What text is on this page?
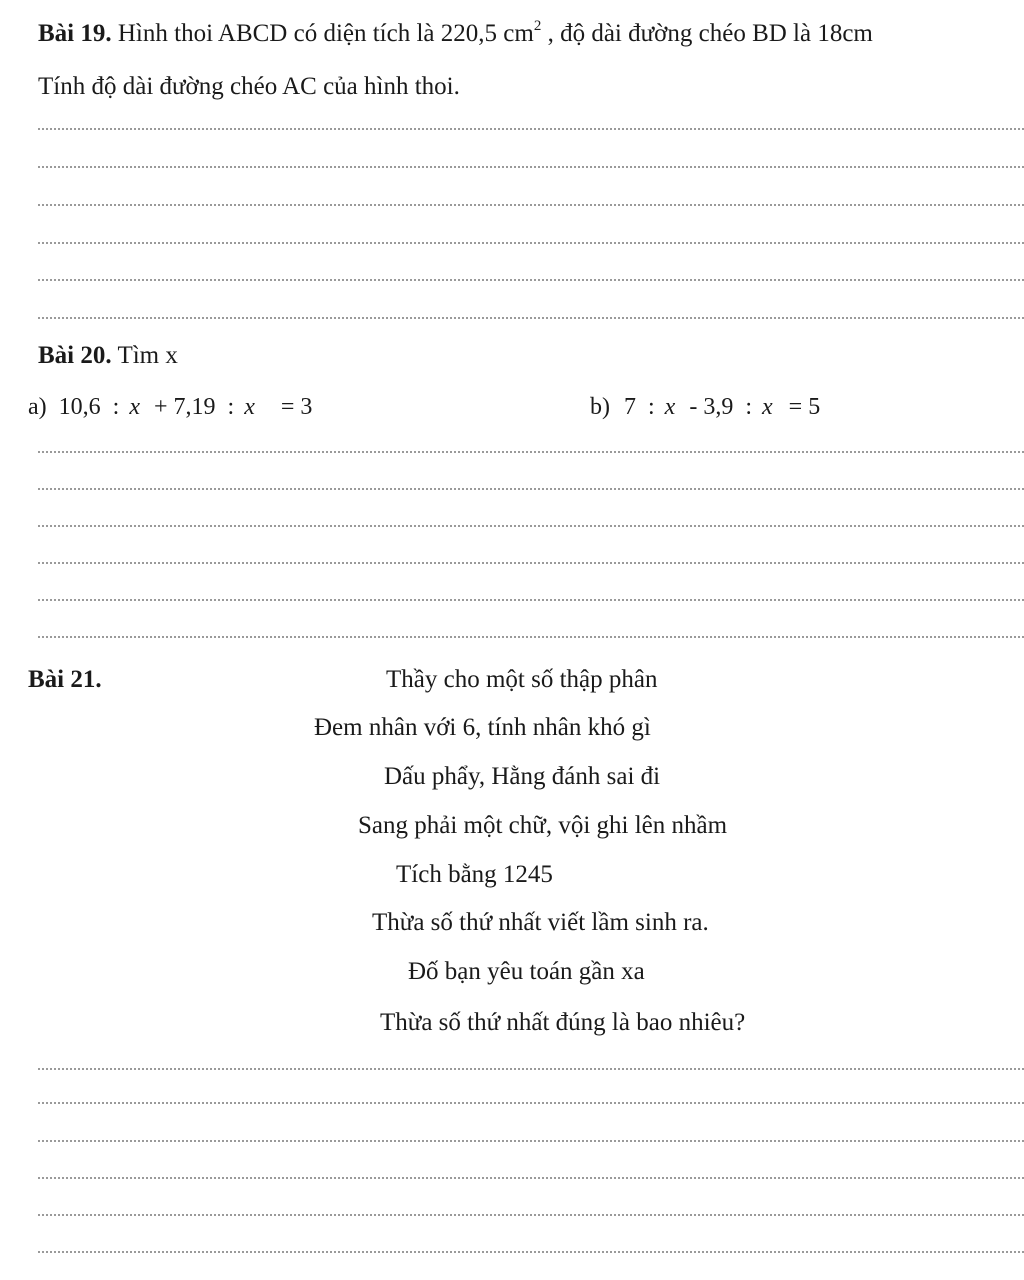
Bài 19. Hình thoi ABCD có diện tích là 220,5 $cm^2$ , độ dài đường chéo BD là 18cm
Tính độ dài đường chéo AC của hình thoi.
Bài 20. Tìm x
a) 10,6 : x + 7,19 : x = 3	b) 7 : x - 3,9 : x = 5
Bài 21.	Thầy cho một số thập phân
Đem nhân với 6, tính nhân khó gì
Dấu phẩy, Hằng đánh sai đi
Sang phải một chữ, vội ghi lên nhầm
Tích bằng 1245
Thừa số thứ nhất viết lầm sinh ra.
Đố bạn yêu toán gần xa
Thừa số thứ nhất đúng là bao nhiêu?
